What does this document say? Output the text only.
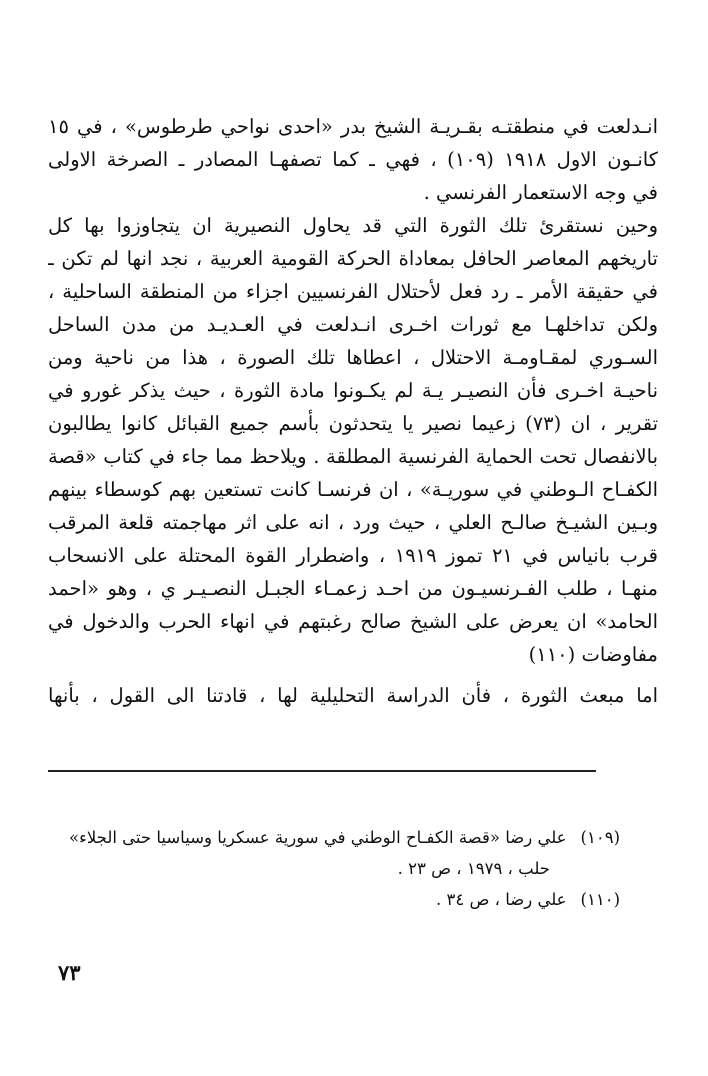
انـدلعت في منطقتـه بقـريـة الشيخ بدر «احدى نواحي طرطوس» ، في ١٥
كانـون الاول ١٩١٨ (١٠٩) ، فهي ـ كما تصفهـا المصادر ـ الصرخة الاولى
في وجه الاستعمار الفرنسي .
وحين نستقرئ تلك الثورة التي قد يحاول النصيرية ان يتجاوزوا بها كل
تاريخهم المعاصر الحافل بمعاداة الحركة القومية العربية ، نجد انها لم تكن ـ
في حقيقة الأمر ـ رد فعل لأحتلال الفرنسيين اجزاء من المنطقة الساحلية ،
ولكن تداخلهـا مع ثورات اخـرى انـدلعت في العـديـد من مدن الساحل
السـوري لمقـاومـة الاحتلال ، اعطاها تلك الصورة ، هذا من ناحية ومن
ناحيـة اخـرى فأن النصيـر يـة لم يكـونوا مادة الثورة ، حيث يذكر غورو في
تقرير ، ان (٧٣) زعيما نصير يا يتحدثون بأسم جميع القبائل كانوا يطالبون
بالانفصال تحت الحماية الفرنسية المطلقة . ويلاحظ مما جاء في كتاب «قصة
الكفـاح الـوطني في سوريـة» ، ان فرنسـا كانت تستعين بهم كوسطاء بينهم
وبـين الشيـخ صالـح العلي ، حيث ورد ، انه على اثر مهاجمته قلعة المرقب
قرب بانياس في ٢١ تموز ١٩١٩ ، واضطرار القوة المحتلة على الانسحاب
منهـا ، طلب الفـرنسيـون من احـد زعمـاء الجبـل النصـيـر ي ، وهو «احمد
الحامد» ان يعرض على الشيخ صالح رغبتهم في انهاء الحرب والدخول في
مفاوضات (١١٠)
اما مبعث الثورة ، فأن الدراسة التحليلية لها ، قادتنا الى القول ، بأنها
(١٠٩)علي رضا «قصة الكفـاح الوطني في سورية عسكريا وسياسيا حتى الجلاء»
حلب ، ١٩٧٩ ، ص ٢٣ .
(١١٠)علي رضا ، ص ٣٤ .
٧٣
